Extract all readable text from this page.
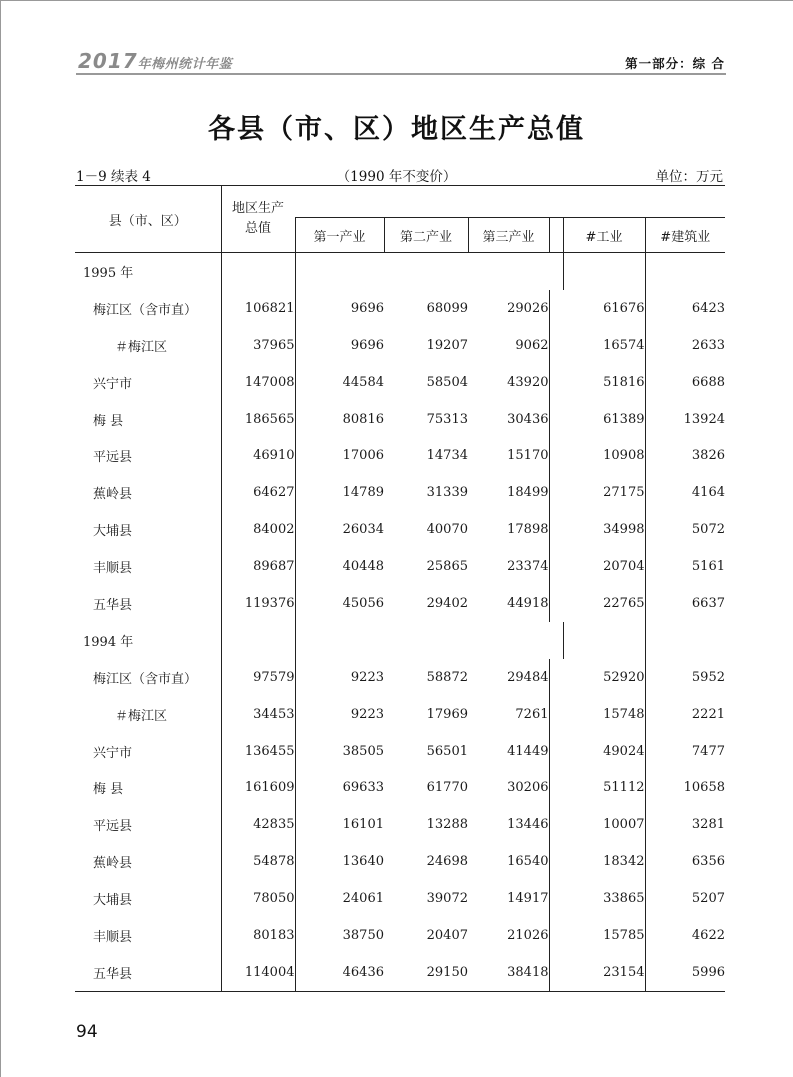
2017年梅州统计年鉴	第一部分：综 合
各县（市、区）地区生产总值
1－9 续表 4	（1990 年不变价）	单位：万元
县（市、区）	地区生产
总值						

		第一产业	第二产业	第三产业		#工业	#建筑业
1995 年							
梅江区（含市直）	106821	9696	68099	29026		61676	6423
＃梅江区	37965	9696	19207	9062		16574	2633
兴宁市	147008	44584	58504	43920		51816	6688
梅 县	186565	80816	75313	30436		61389	13924
平远县	46910	17006	14734	15170		10908	3826
蕉岭县	64627	14789	31339	18499		27175	4164
大埔县	84002	26034	40070	17898		34998	5072
丰顺县	89687	40448	25865	23374		20704	5161
五华县	119376	45056	29402	44918		22765	6637
1994 年							
梅江区（含市直）	97579	9223	58872	29484		52920	5952
＃梅江区	34453	9223	17969	7261		15748	2221
兴宁市	136455	38505	56501	41449		49024	7477
梅 县	161609	69633	61770	30206		51112	10658
平远县	42835	16101	13288	13446		10007	3281
蕉岭县	54878	13640	24698	16540		18342	6356
大埔县	78050	24061	39072	14917		33865	5207
丰顺县	80183	38750	20407	21026		15785	4622
五华县	114004	46436	29150	38418		23154	5996
94
